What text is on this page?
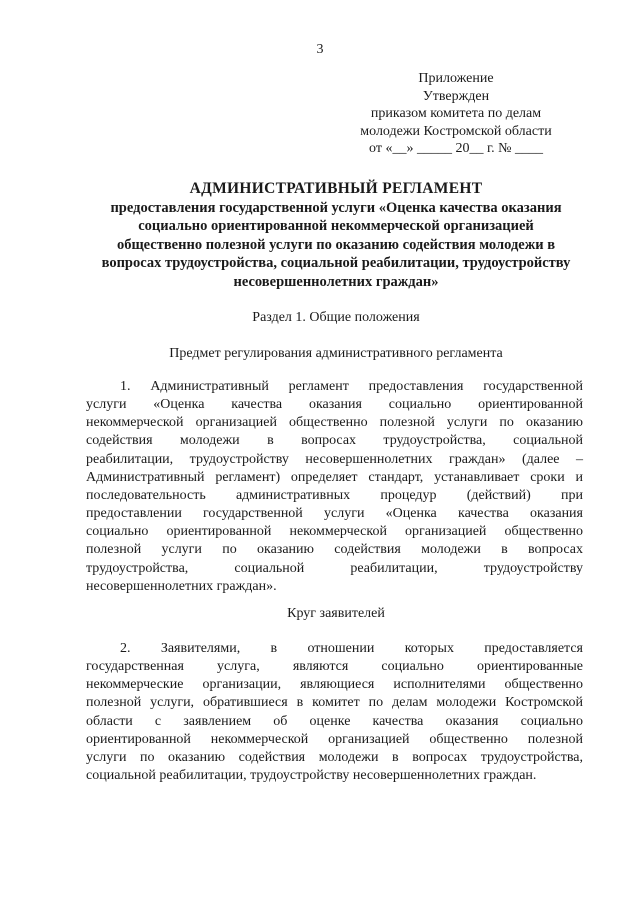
3
Приложение
Утвержден
приказом комитета по делам
молодежи Костромской области
от «__» _____ 20__ г. № ____
АДМИНИСТРАТИВНЫЙ РЕГЛАМЕНТ
предоставления государственной услуги «Оценка качества оказания
социально ориентированной некоммерческой организацией
общественно полезной услуги по оказанию содействия молодежи в
вопросах трудоустройства, социальной реабилитации, трудоустройству
несовершеннолетних граждан»
Раздел 1. Общие положения
Предмет регулирования административного регламента
1. Административный регламент предоставления государственной
услуги «Оценка качества оказания социально ориентированной
некоммерческой организацией общественно полезной услуги по оказанию
содействия молодежи в вопросах трудоустройства, социальной
реабилитации, трудоустройству несовершеннолетних граждан» (далее –
Административный регламент) определяет стандарт, устанавливает сроки и
последовательность административных процедур (действий) при
предоставлении государственной услуги «Оценка качества оказания
социально ориентированной некоммерческой организацией общественно
полезной услуги по оказанию содействия молодежи в вопросах
трудоустройства, социальной реабилитации, трудоустройству
несовершеннолетних граждан».
Круг заявителей
2. Заявителями, в отношении которых предоставляется
государственная услуга, являются социально ориентированные
некоммерческие организации, являющиеся исполнителями общественно
полезной услуги, обратившиеся в комитет по делам молодежи Костромской
области с заявлением об оценке качества оказания социально
ориентированной некоммерческой организацией общественно полезной
услуги по оказанию содействия молодежи в вопросах трудоустройства,
социальной реабилитации, трудоустройству несовершеннолетних граждан.
